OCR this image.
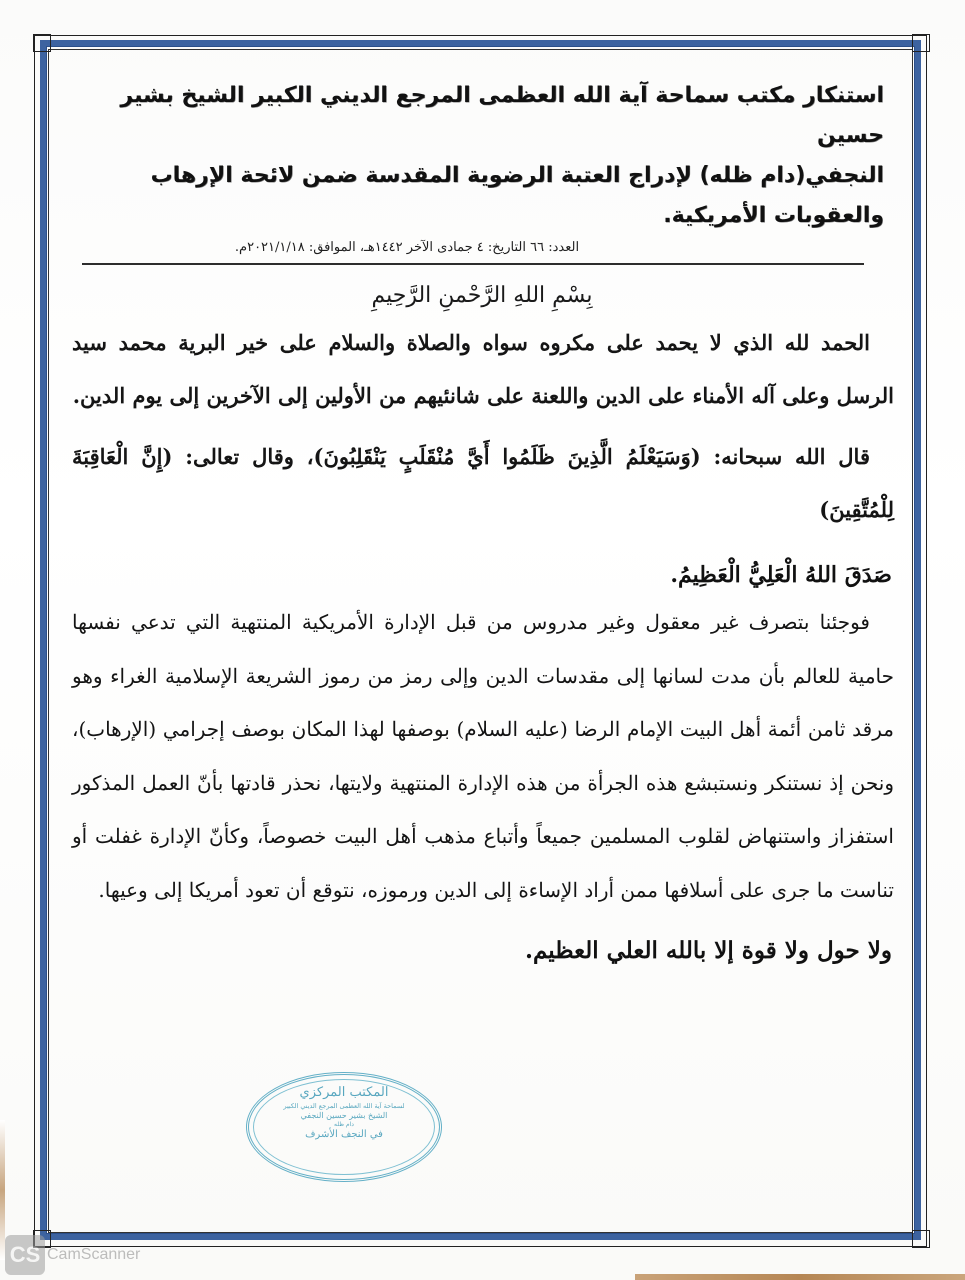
استنكار مكتب سماحة آية الله العظمى المرجع الديني الكبير الشيخ بشير حسين
النجفي(دام ظله) لإدراج العتبة الرضوية المقدسة ضمن لائحة الإرهاب والعقوبات الأمريكية.
العدد: ٦٦ التاريخ: ٤ جمادى الآخر ١٤٤٢هـ، الموافق: ٢٠٢١/١/١٨م.
بِسْمِ اللهِ الرَّحْمنِ الرَّحِيمِ
الحمد لله الذي لا يحمد على مكروه سواه والصلاة والسلام على خير البرية محمد سيد الرسل وعلى آله الأمناء على الدين واللعنة على شانئيهم من الأولين إلى الآخرين إلى يوم الدين.
قال الله سبحانه: (وَسَيَعْلَمُ الَّذِينَ ظَلَمُوا أَيَّ مُنْقَلَبٍ يَنْقَلِبُونَ)، وقال تعالى: (إِنَّ الْعَاقِبَةَ لِلْمُتَّقِينَ)
صَدَقَ اللهُ الْعَلِيُّ الْعَظِيمُ.
فوجئنا بتصرف غير معقول وغير مدروس من قبل الإدارة الأمريكية المنتهية التي تدعي نفسها حامية للعالم بأن مدت لسانها إلى مقدسات الدين وإلى رمز من رموز الشريعة الإسلامية الغراء وهو مرقد ثامن أئمة أهل البيت الإمام الرضا (عليه السلام) بوصفها لهذا المكان بوصف إجرامي (الإرهاب)، ونحن إذ نستنكر ونستبشع هذه الجرأة من هذه الإدارة المنتهية ولايتها، نحذر قادتها بأنّ العمل المذكور استفزاز واستنهاض لقلوب المسلمين جميعاً وأتباع مذهب أهل البيت خصوصاً، وكأنّ الإدارة غفلت أو تناست ما جرى على أسلافها ممن أراد الإساءة إلى الدين ورموزه، نتوقع أن تعود أمريكا إلى وعيها.
ولا حول ولا قوة إلا بالله العلي العظيم.
المكتب المركزي
لسماحة آية الله العظمى المرجع الديني الكبير
الشيخ بشير حسين النجفي
دام ظله
في النجف الأشرف
CS CamScanner
